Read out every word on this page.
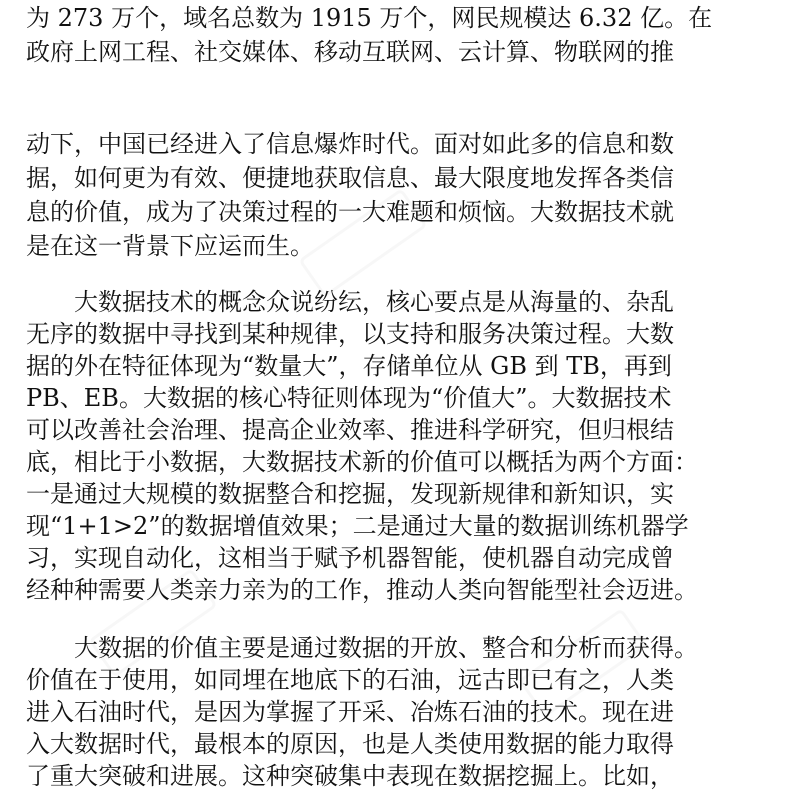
为 273 万个，域名总数为 1915 万个，网民规模达 6.32 亿。在
政府上网工程、社交媒体、移动互联网、云计算、物联网的推
动下，中国已经进入了信息爆炸时代。面对如此多的信息和数
据，如何更为有效、便捷地获取信息、最大限度地发挥各类信
息的价值，成为了决策过程的一大难题和烦恼。大数据技术就
是在这一背景下应运而生。
　　大数据技术的概念众说纷纭，核心要点是从海量的、杂乱
无序的数据中寻找到某种规律，以支持和服务决策过程。大数
据的外在特征体现为“数量大”，存储单位从 GB 到 TB，再到
PB、EB。大数据的核心特征则体现为“价值大”。大数据技术
可以改善社会治理、提高企业效率、推进科学研究，但归根结
底，相比于小数据，大数据技术新的价值可以概括为两个方面：
一是通过大规模的数据整合和挖掘，发现新规律和新知识，实
现“1+1>2”的数据增值效果；二是通过大量的数据训练机器学
习，实现自动化，这相当于赋予机器智能，使机器自动完成曾
经种种需要人类亲力亲为的工作，推动人类向智能型社会迈进。
　　大数据的价值主要是通过数据的开放、整合和分析而获得。
价值在于使用，如同埋在地底下的石油，远古即已有之，人类
进入石油时代，是因为掌握了开采、冶炼石油的技术。现在进
入大数据时代，最根本的原因，也是人类使用数据的能力取得
了重大突破和进展。这种突破集中表现在数据挖掘上。比如，
